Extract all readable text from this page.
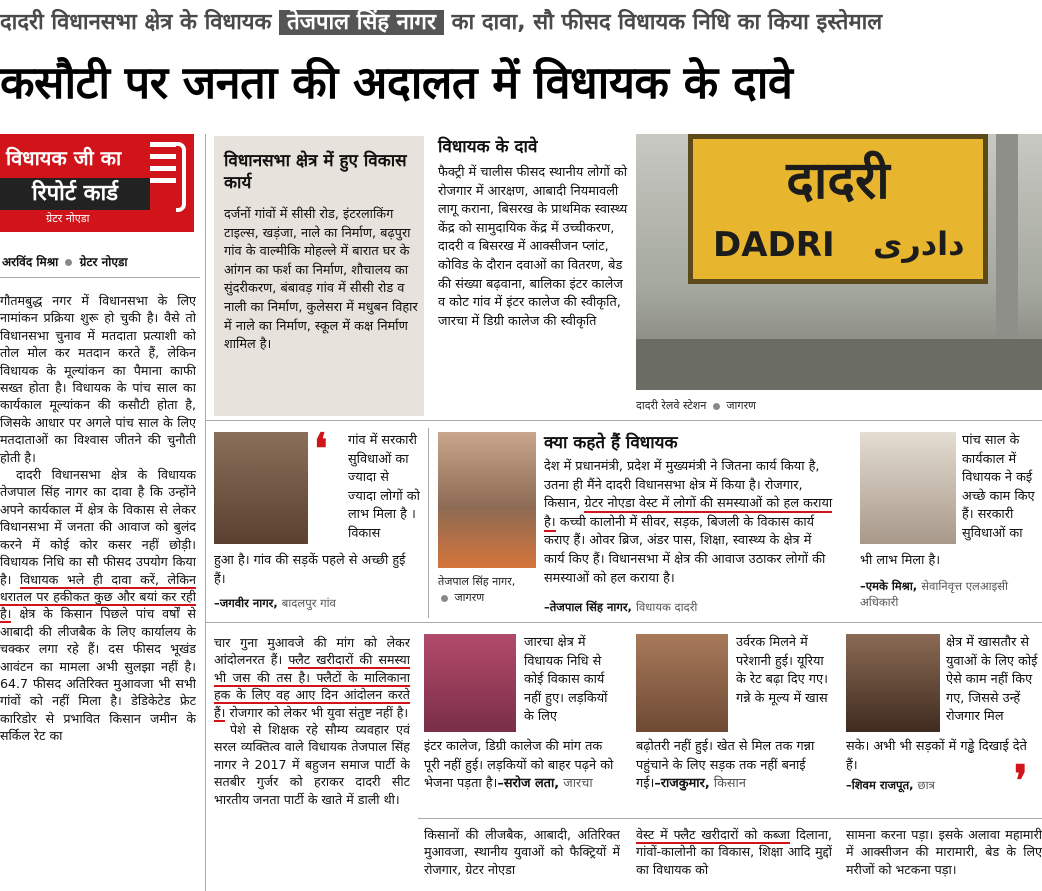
दादरी विधानसभा क्षेत्र के विधायक तेजपाल सिंह नागर का दावा, सौ फीसद विधायक निधि का किया इस्तेमाल
कसौटी पर जनता की अदालत में विधायक के दावे
विधायक जी का
रिपोर्ट कार्ड
ग्रेटर नोएडा
अरविंद मिश्रा ग्रेटर नोएडा

गौतमबुद्ध नगर में विधानसभा के लिए नामांकन प्रक्रिया शुरू हो चुकी है। वैसे तो विधानसभा चुनाव में मतदाता प्रत्याशी को तोल मोल कर मतदान करते हैं, लेकिन विधायक के मूल्यांकन का पैमाना काफी सख्त होता है। विधायक के पांच साल का कार्यकाल मूल्यांकन की कसौटी होता है, जिसके आधार पर अगले पांच साल के लिए मतदाताओं का विश्वास जीतने की चुनौती होती है।

दादरी विधानसभा क्षेत्र के विधायक तेजपाल सिंह नागर का दावा है कि उन्होंने अपने कार्यकाल में क्षेत्र के विकास से लेकर विधानसभा में जनता की आवाज को बुलंद करने में कोई कोर कसर नहीं छोड़ी। विधायक निधि का सौ फीसद उपयोग किया है। विधायक भले ही दावा करें, लेकिन धरातल पर हकीकत कुछ और बयां कर रही है। क्षेत्र के किसान पिछले पांच वर्षों से आबादी की लीजबैक के लिए कार्यालय के चक्कर लगा रहे हैं। दस फीसद भूखंड आवंटन का मामला अभी सुलझा नहीं है। 64.7 फीसद अतिरिक्त मुआवजा भी सभी गांवों को नहीं मिला है। डेडिकेटेड फ्रेट कारिडोर से प्रभावित किसान जमीन के सर्किल रेट का

विधानसभा क्षेत्र में हुए विकास कार्य
दर्जनों गांवों में सीसी रोड, इंटरलाकिंग टाइल्स, खड़ंजा, नाले का निर्माण, बढ़पुरा गांव के वाल्मीकि मोहल्ले में बारात घर के आंगन का फर्श का निर्माण, शौचालय का सुंदरीकरण, बंबावड़ गांव में सीसी रोड व नाली का निर्माण, कुलेसरा में मधुबन विहार में नाले का निर्माण, स्कूल में कक्ष निर्माण शामिल है।
विधायक के दावे
फैक्ट्री में चालीस फीसद स्थानीय लोगों को रोजगार में आरक्षण, आबादी नियमावली लागू कराना, बिसरख के प्राथमिक स्वास्थ्य केंद्र को सामुदायिक केंद्र में उच्चीकरण, दादरी व बिसरख में आक्सीजन प्लांट, कोविड के दौरान दवाओं का वितरण, बेड की संख्या बढ़वाना, बालिका इंटर कालेज व कोट गांव में इंटर कालेज की स्वीकृति, जारचा में डिग्री कालेज की स्वीकृति
दादरी
DADRI دادری
दादरी रेलवे स्टेशन जागरण
❛ गांव में सरकारी सुविधाओं का ज्यादा से ज्यादा लोगों को लाभ मिला है । विकास
हुआ है। गांव की सड़कें पहले से अच्छी हुई हैं।
–जगवीर नागर, बादलपुर गांव
तेजपाल सिंह नागर,
जागरण
क्या कहते हैं विधायक
देश में प्रधानमंत्री, प्रदेश में मुख्यमंत्री ने जितना कार्य किया है, उतना ही मैंने दादरी विधानसभा क्षेत्र में किया है। रोजगार, किसान, ग्रेटर नोएडा वेस्ट में लोगों की समस्याओं को हल कराया है। कच्ची कालोनी में सीवर, सड़क, बिजली के विकास कार्य कराए हैं। ओवर ब्रिज, अंडर पास, शिक्षा, स्वास्थ्य के क्षेत्र में कार्य किए हैं। विधानसभा में क्षेत्र की आवाज उठाकर लोगों की समस्याओं को हल कराया है।
–तेजपाल सिंह नागर, विधायक दादरी
पांच साल के कार्यकाल में विधायक ने कई अच्छे काम किए हैं। सरकारी सुविधाओं का
भी लाभ मिला है।
–एमके मिश्रा, सेवानिवृत्त एलआइसी अधिकारी

चार गुना मुआवजे की मांग को लेकर आंदोलनरत हैं। फ्लैट खरीदारों की समस्या भी जस की तस है। फ्लैटों के मालिकाना हक के लिए वह आए दिन आंदोलन करते हैं। रोजगार को लेकर भी युवा संतुष्ट नहीं है।

पेशे से शिक्षक रहे सौम्य व्यवहार एवं सरल व्यक्तित्व वाले विधायक तेजपाल सिंह नागर ने 2017 में बहुजन समाज पार्टी के सतबीर गुर्जर को हराकर दादरी सीट भारतीय जनता पार्टी के खाते में डाली थी।

जारचा क्षेत्र में विधायक निधि से कोई विकास कार्य नहीं हुए। लड़कियों के लिए
इंटर कालेज, डिग्री कालेज की मांग तक पूरी नहीं हुई। लड़कियों को बाहर पढ़ने को भेजना पड़ता है।–सरोज लता, जारचा
उर्वरक मिलने में परेशानी हुई। यूरिया के रेट बढ़ा दिए गए। गन्ने के मूल्य में खास
बढ़ोतरी नहीं हुई। खेत से मिल तक गन्ना पहुंचाने के लिए सड़क तक नहीं बनाई गई।–राजकुमार, किसान
क्षेत्र में खासतौर से युवाओं के लिए कोई ऐसे काम नहीं किए गए, जिससे उन्हें रोजगार मिल
सके। अभी भी सड़कों में गड्ढे दिखाई देते हैं।
–शिवम राजपूत, छात्र ❜
किसानों की लीजबैक, आबादी, अतिरिक्त मुआवजा, स्थानीय युवाओं को फैक्ट्रियों में रोजगार, ग्रेटर नोएडा
वेस्ट में फ्लैट खरीदारों को कब्जा दिलाना, गांवों-कालोनी का विकास, शिक्षा आदि मुद्दों का विधायक को
सामना करना पड़ा। इसके अलावा महामारी में आक्सीजन की मारामारी, बेड के लिए मरीजों को भटकना पड़ा।
